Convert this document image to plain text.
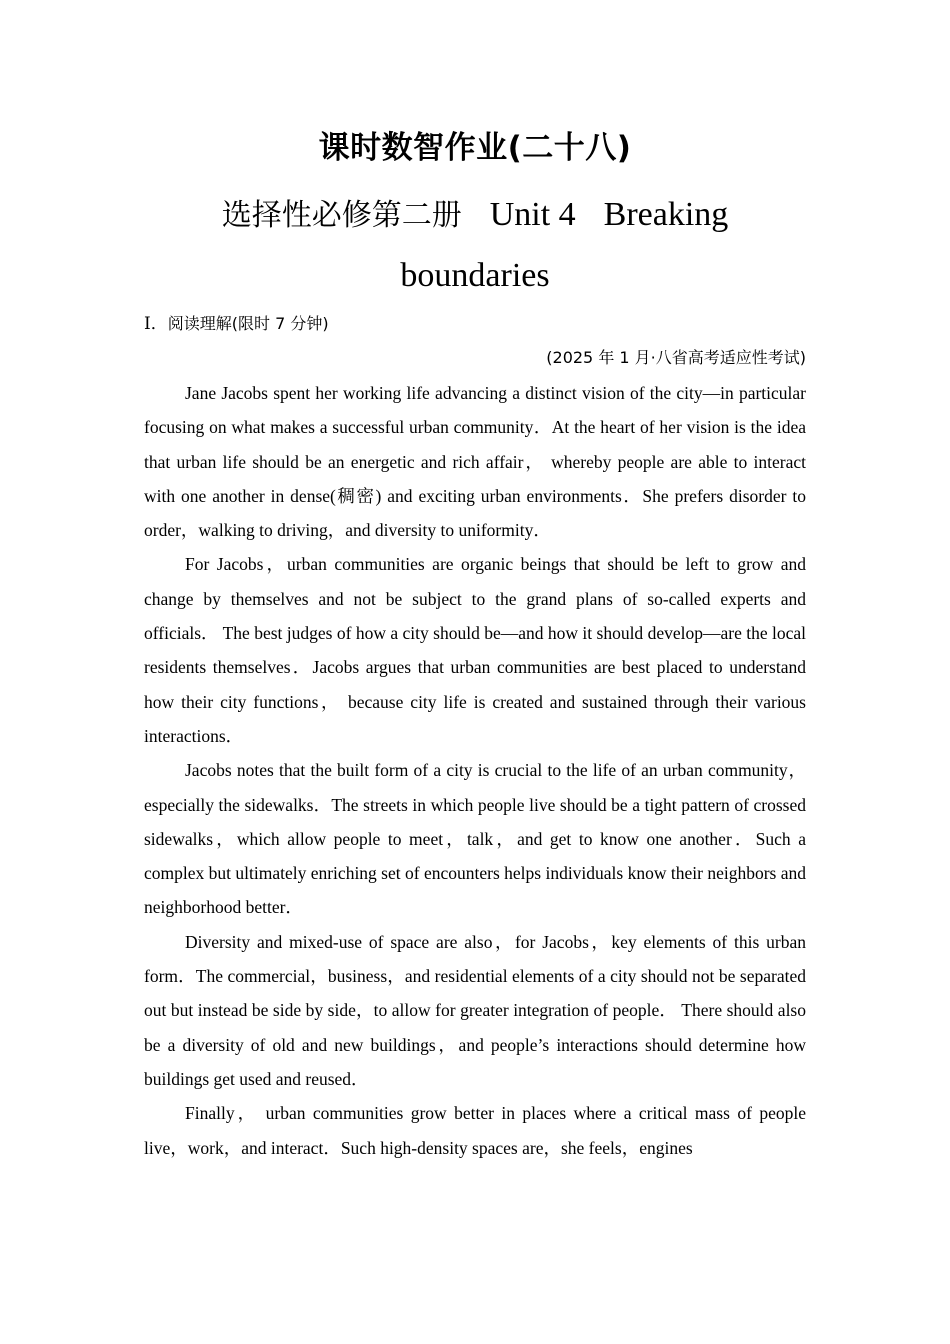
课时数智作业(二十八)
选择性必修第二册 Unit 4 Breaking boundaries
Ⅰ．阅读理解(限时 7 分钟)
(2025 年 1 月·八省高考适应性考试)

Jane Jacobs spent her working life advancing a distinct vision of the city—in particular focusing on what makes a successful urban community．At the heart of her vision is the idea that urban life should be an energetic and rich affair， whereby people are able to interact with one another in dense(稠密) and exciting urban environments．She prefers disorder to order，walking to driving，and diversity to uniformity．

For Jacobs，urban communities are organic beings that should be left to grow and change by themselves and not be subject to the grand plans of so-called experts and officials． The best judges of how a city should be—and how it should develop—are the local residents themselves．Jacobs argues that urban communities are best placed to understand how their city functions， because city life is created and sustained through their various interactions．

Jacobs notes that the built form of a city is crucial to the life of an urban community，especially the sidewalks．The streets in which people live should be a tight pattern of crossed sidewalks，which allow people to meet，talk，and get to know one another．Such a complex but ultimately enriching set of encounters helps individuals know their neighbors and neighborhood better．

Diversity and mixed-use of space are also，for Jacobs，key elements of this urban form．The commercial，business，and residential elements of a city should not be separated out but instead be side by side，to allow for greater integration of people． There should also be a diversity of old and new buildings，and people’s interactions should determine how buildings get used and reused．

Finally， urban communities grow better in places where a critical mass of people live，work，and interact．Such high-density spaces are，she feels，engines
